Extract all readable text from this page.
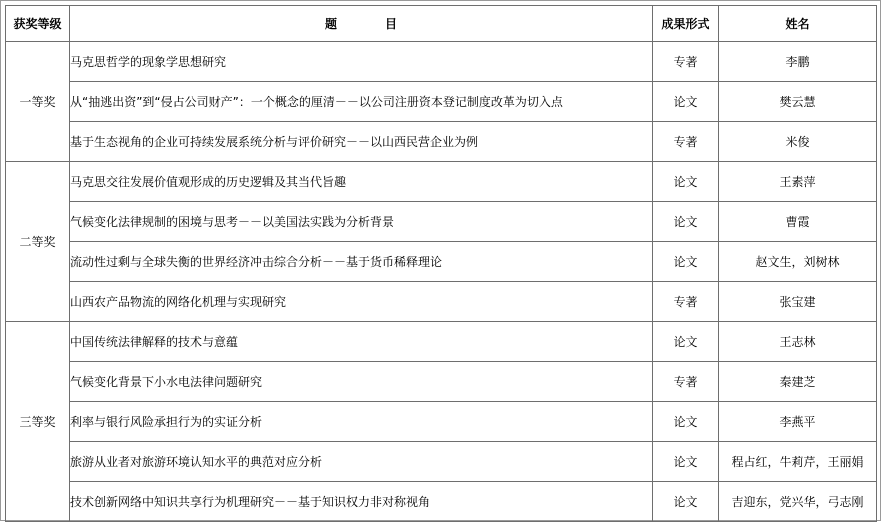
获奖等级	题 目	成果形式	姓名
一等奖	马克思哲学的现象学思想研究	专著	李鹏
	从“抽逃出资”到“侵占公司财产”：一个概念的厘清－－以公司注册资本登记制度改革为切入点	论文	樊云慧
	基于生态视角的企业可持续发展系统分析与评价研究－－以山西民营企业为例	专著	米俊
二等奖	马克思交往发展价值观形成的历史逻辑及其当代旨趣	论文	王素萍
	气候变化法律规制的困境与思考－－以美国法实践为分析背景	论文	曹霞
	流动性过剩与全球失衡的世界经济冲击综合分析－－基于货币稀释理论	论文	赵文生，刘树林
	山西农产品物流的网络化机理与实现研究	专著	张宝建
三等奖	中国传统法律解释的技术与意蕴	论文	王志林
	气候变化背景下小水电法律问题研究	专著	秦建芝
	利率与银行风险承担行为的实证分析	论文	李燕平
	旅游从业者对旅游环境认知水平的典范对应分析	论文	程占红，牛莉芹，王丽娟
	技术创新网络中知识共享行为机理研究－－基于知识权力非对称视角	论文	吉迎东，党兴华，弓志刚
